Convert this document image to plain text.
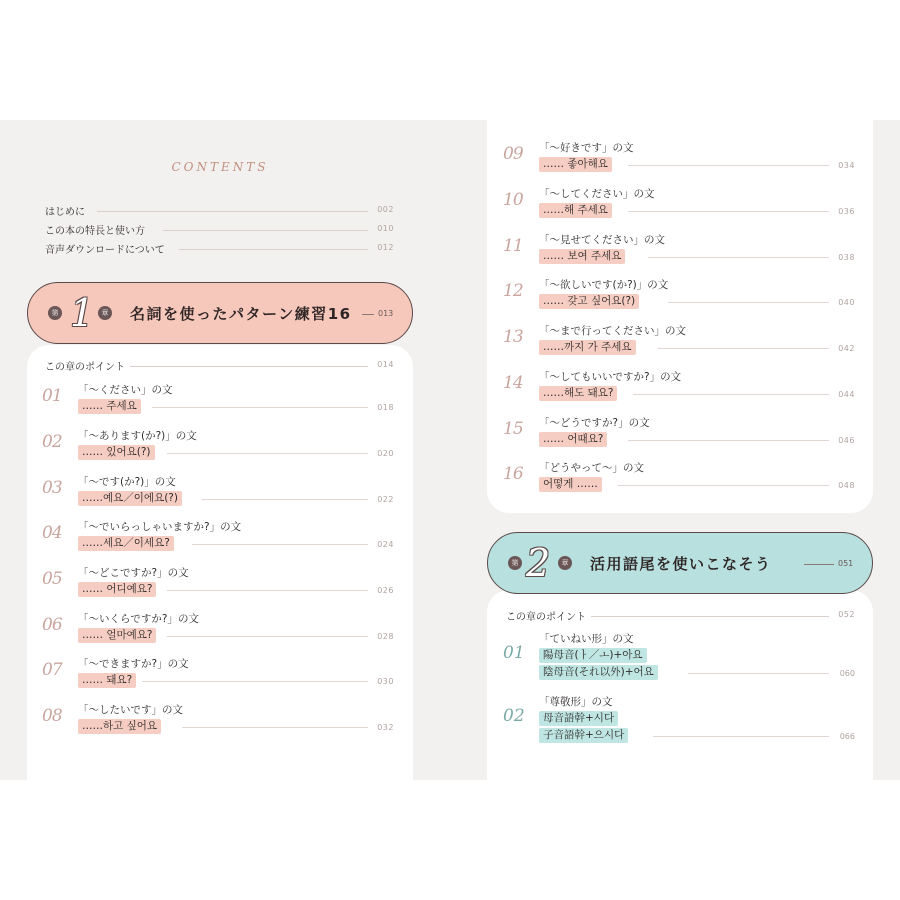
CONTENTS
はじめに	002
この本の特長と使い方	010
音声ダウンロードについて	012
第 1	章 名詞を使ったパターン練習16	013
この章のポイント	014
01	「〜ください」の文
…… 주세요	018
02	「〜あります(か?)」の文
…… 있어요(?)	020
03	「〜です(か?)」の文
……예요／이에요(?)	022
04	「〜でいらっしゃいますか?」の文
……세요／이세요?	024
05	「〜どこですか?」の文
…… 어디예요?	026
06	「〜いくらですか?」の文
…… 얼마예요?	028
07	「〜できますか?」の文
…… 돼요?	030
08	「〜したいです」の文
……하고 싶어요	032
09	「〜好きです」の文
…… 좋아해요	034
10	「〜してください」の文
……해 주세요	036
11	「〜見せてください」の文
…… 보여 주세요	038
12	「〜欲しいです(か?)」の文
…… 갖고 싶어요(?)	040
13	「〜まで行ってください」の文
……까지 가 주세요	042
14	「〜してもいいですか?」の文
……해도 돼요?	044
15	「〜どうですか?」の文
…… 어때요?	046
16	「どうやって〜」の文
어떻게 ……	048
第 2	章 活用語尾を使いこなそう	051
この章のポイント	052
01
「ていねい形」の文
陽母音(ㅏ／ㅗ)+아요
陰母音(それ以外)+어요	060
02
「尊敬形」の文
母音語幹+시다
子音語幹+으시다	066
